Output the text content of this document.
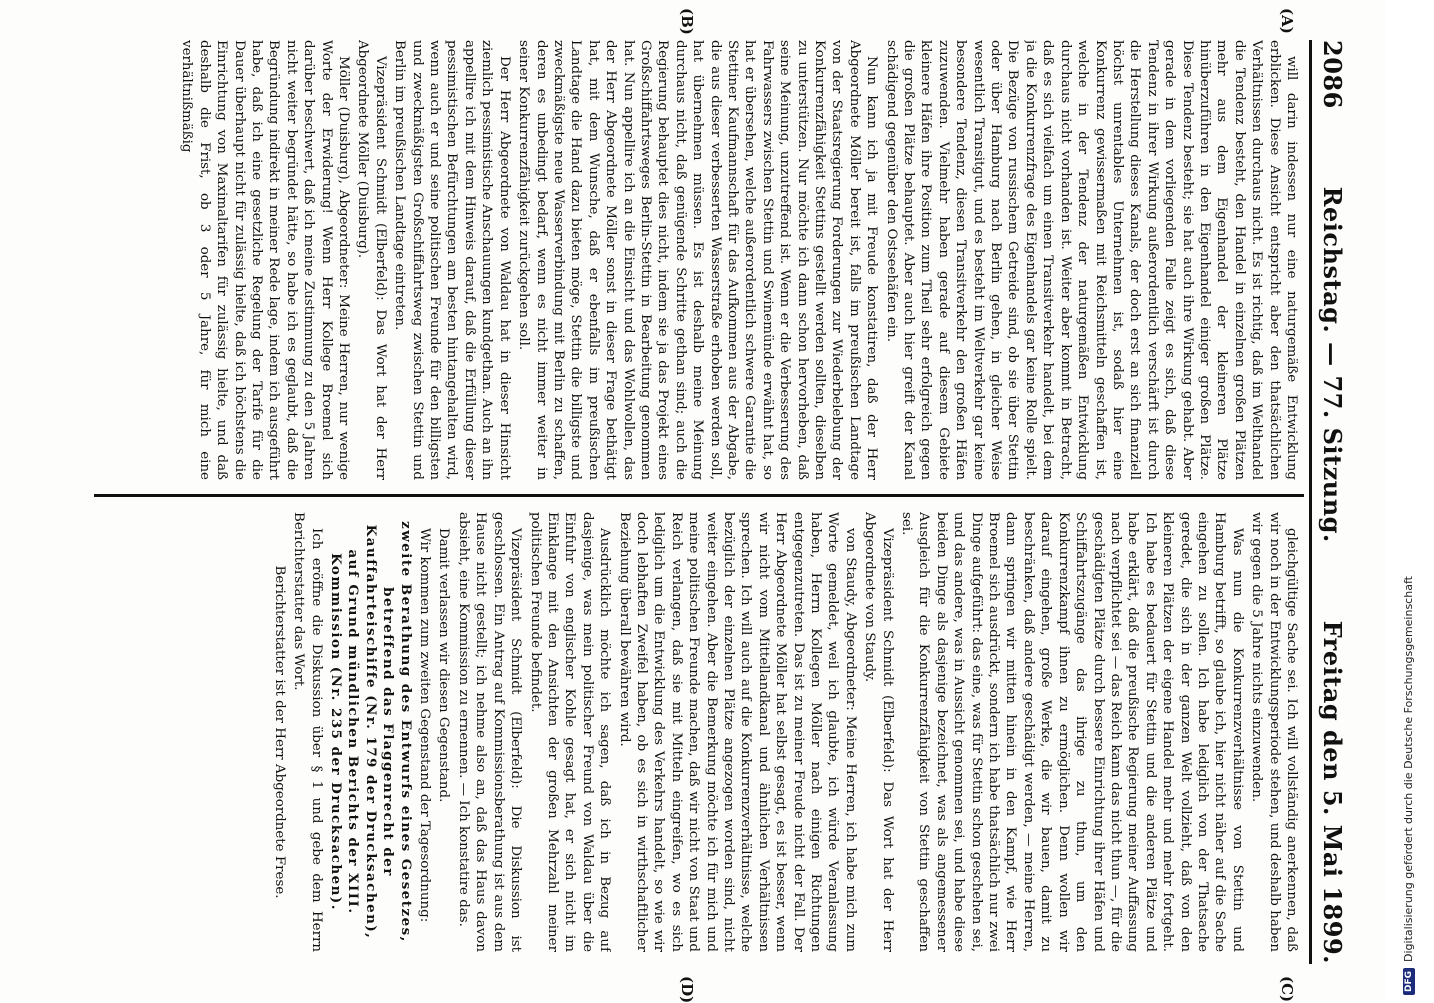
2086
Reichstag. — 77. Sitzung.
Freitag den 5. Mai 1899.
(A)
(B)
(C)
(D)

will darin indessen nur eine naturgemäße Entwicklung erblicken. Diese Ansicht entspricht aber den thatsächlichen Verhältnissen durchaus nicht. Es ist richtig, daß im Welthandel die Tendenz besteht, den Handel in einzelnen großen Plätzen mehr aus dem Eigenhandel der kleineren Plätze hinüberzuführen in den Eigenhandel einiger großen Plätze. Diese Tendenz besteht; sie hat auch ihre Wirkung gehabt. Aber gerade in dem vorliegenden Falle zeigt es sich, daß diese Tendenz in ihrer Wirkung außerordentlich verschärft ist durch die Herstellung dieses Kanals, der doch erst an sich finanziell höchst unrentables Unternehmen ist, sodaß hier eine Konkurrenz gewissermaßen mit Reichsmitteln geschaffen ist, welche in der Tendenz der naturgemäßen Entwicklung durchaus nicht vorhanden ist. Weiter aber kommt in Betracht, daß es sich vielfach um einen Transitverkehr handelt, bei dem ja die Konkurrenzfrage des Eigenhandels gar keine Rolle spielt. Die Bezüge von russischem Getreide sind, ob sie über Stettin oder über Hamburg nach Berlin gehen, in gleicher Weise wesentlich Transitgut, und es besteht im Weltverkehr gar keine besondere Tendenz, diesen Transitverkehr den großen Häfen zuzuwenden. Vielmehr haben gerade auf diesem Gebiete kleinere Häfen ihre Position zum Theil sehr erfolgreich gegen die großen Plätze behauptet. Aber auch hier greift der Kanal schädigend gegenüber den Ostseehäfen ein.

Nun kann ich ja mit Freude konstatiren, daß der Herr Abgeordnete Möller bereit ist, falls im preußischen Landtage von der Staatsregierung Forderungen zur Wiederbelebung der Konkurrenzfähigkeit Stettins gestellt werden sollten, dieselben zu unterstützen. Nur möchte ich dann schon hervorheben, daß seine Meinung, unzutreffend ist. Wenn er die Verbesserung des Fahrwassers zwischen Stettin und Swinemünde erwähnt hat, so hat er übersehen, welche außerordentlich schwere Garantie die Stettiner Kaufmannschaft für das Aufkommen aus der Abgabe, die aus dieser verbesserten Wasserstraße erhoben werden soll, hat übernehmen müssen. Es ist deshalb meine Meinung durchaus nicht, daß genügende Schritte gethan sind; auch die Regierung behauptet dies nicht, indem sie ja das Projekt eines Großschiffahrtsweges Berlin-Stettin in Bearbeitung genommen hat. Nun appellire ich an die Einsicht und das Wohlwollen, das der Herr Abgeordnete Möller sonst in dieser Frage bethätigt hat, mit dem Wunsche, daß er ebenfalls im preußischen Landtage die Hand dazu bieten möge, Stettin die billigste und zweckmäßigste neue Wasserverbindung mit Berlin zu schaffen, deren es unbedingt bedarf, wenn es nicht immer weiter in seiner Konkurrenzfähigkeit zurückgehen soll.

Der Herr Abgeordnete von Waldau hat in dieser Hinsicht ziemlich pessimistische Anschauungen kundgethan. Auch an ihn appellire ich mit dem Hinweis darauf, daß die Erfüllung dieser pessimistischen Befürchtungen am besten hintangehalten wird, wenn auch er und seine politischen Freunde für den billigsten und zweckmäßigsten Großschiffahrtsweg zwischen Stettin und Berlin im preußischen Landtage eintreten.

Vizepräsident Schmidt (Elberfeld): Das Wort hat der Herr Abgeordnete Möller (Duisburg).

Möller (Duisburg), Abgeordneter: Meine Herren, nur wenige Worte der Erwiderung! Wenn Herr Kollege Broemel sich darüber beschwert, daß ich meine Zustimmung zu den 5 Jahren nicht weiter begründet hätte, so habe ich es geglaubt, daß die Begründung indirekt in meiner Rede lage, indem ich ausgeführt habe, daß ich eine gesetzliche Regelung der Tarife für die Dauer überhaupt nicht für zulässig hielte, daß ich höchstens die Einrichtung von Maximaltarifen für zulässig hielte, und daß deshalb die Frist, ob 3 oder 5 Jahre, für mich eine verhältnißmäßig

gleichgültige Sache sei. Ich will vollständig anerkennen, daß wir noch in der Entwicklungsperiode stehen, und deshalb haben wir gegen die 5 Jahre nichts einzuwenden.

Was nun die Konkurrenzverhältnisse von Stettin und Hamburg betrifft, so glaube ich, hier nicht näher auf die Sache eingehen zu sollen. Ich habe lediglich von der Thatsache geredet, die sich in der ganzen Welt vollzieht, daß von den kleineren Plätzen der eigene Handel mehr und mehr fortgeht. Ich habe es bedauert für Stettin und die anderen Plätze und habe erklärt, daß die preußische Regierung meiner Auffassung nach verpflichtet sei — das Reich kann das nicht thun —, für die geschädigten Plätze durch bessere Einrichtung ihrer Häfen und Schiffahrtszugänge das ihrige zu thun, um den Konkurrenzkampf ihnen zu ermöglichen. Denn wollen wir darauf eingehen, große Werke, die wir bauen, damit zu beschränken, daß andere geschädigt werden, — meine Herren, dann springen wir mitten hinein in den Kampf, wie Herr Broemel sich ausdrückt, sondern ich habe thatsächlich nur zwei Dinge aufgeführt: das eine, was für Stettin schon geschehen sei, und das andere, was in Aussicht genommen sei, und habe diese beiden Dinge als dasjenige bezeichnet, was als angemessener Ausgleich für die Konkurrenzfähigkeit von Stettin geschaffen sei.

Vizepräsident Schmidt (Elberfeld): Das Wort hat der Herr Abgeordnete von Staudy.

von Staudy, Abgeordneter: Meine Herren, ich habe mich zum Worte gemeldet, weil ich glaubte, ich würde Veranlassung haben, Herrn Kollegen Möller nach einigen Richtungen entgegenzutreten. Das ist zu meiner Freude nicht der Fall. Der Herr Abgeordnete Möller hat selbst gesagt, es ist besser, wenn wir nicht vom Mittellandkanal und ähnlichen Verhältnissen sprechen. Ich will auch auf die Konkurrenzverhältnisse, welche bezüglich der einzelnen Plätze angezogen worden sind, nicht weiter eingehen. Aber die Bemerkung möchte ich für mich und meine politischen Freunde machen, daß wir nicht von Staat und Reich verlangen, daß sie mit Mitteln eingreifen, wo es sich lediglich um die Entwicklung des Verkehrs handelt, so wie wir doch lebhaften Zweifel haben, ob es sich in wirthschaftlicher Beziehung überall bewähren wird.

Ausdrücklich möchte ich sagen, daß ich in Bezug auf dasjenige, was mein politischer Freund von Waldau über die Einfuhr von englischer Kohle gesagt hat, er sich nicht im Einklange mit den Ansichten der großen Mehrzahl meiner politischen Freunde befindet.

Vizepräsident Schmidt (Elberfeld): Die Diskussion ist geschlossen. Ein Antrag auf Kommissionsberathung ist aus dem Hause nicht gestellt; ich nehme also an, daß das Haus davon absieht, eine Kommission zu ernennen. — Ich konstatire das.

Damit verlassen wir diesen Gegenstand.

Wir kommen zum zweiten Gegenstand der Tagesordnung:

zweite Berathung des Entwurfs eines Gesetzes, betreffend das Flaggenrecht der Kauffahrteischiffe (Nr. 179 der Drucksachen), auf Grund mündlichen Berichts der XIII. Kommission (Nr. 235 der Drucksachen).

Ich eröffne die Diskussion über § 1 und gebe dem Herrn Berichterstatter das Wort.

Berichterstatter ist der Herr Abgeordnete Frese.

DFG
Digitalisierung gefördert durch die Deutsche Forschungsgemeinschaft
